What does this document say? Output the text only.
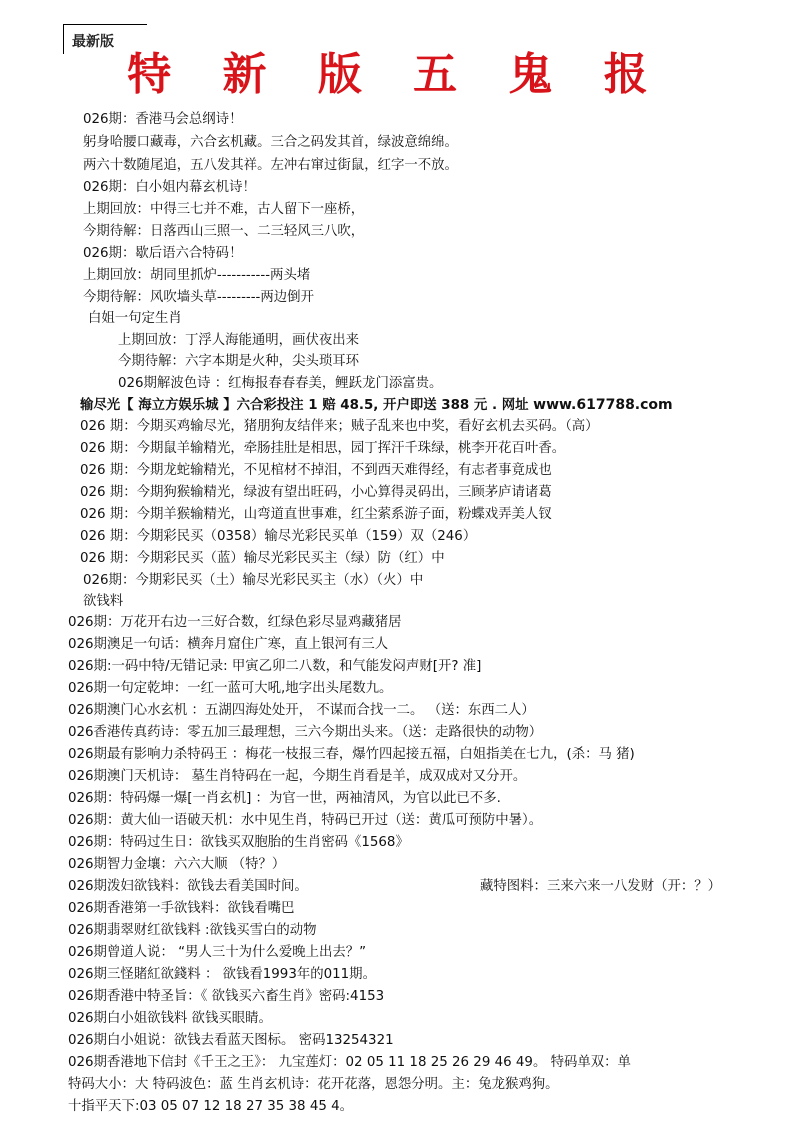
最新版
特 新 版 五 鬼 报
输尽光【 海立方娱乐城 】六合彩投注 1 赔 48.5, 开户即送 388 元 . 网址 www.617788.com
026期：香港马会总纲诗！
躬身哈腰口藏毒，六合玄机藏。三合之码发其首，绿波意绵绵。
两六十数随尾追，五八发其祥。左冲右窜过街鼠，红字一不放。
026期：白小姐内幕玄机诗！
上期回放：中得三七并不难，古人留下一座桥，
今期待解：日落西山三照一、二三轻风三八吹，
026期：歇后语六合特码！
上期回放：胡同里抓炉-----------两头堵
今期待解：风吹墙头草---------两边倒开
白姐一句定生肖
上期回放：丁浮人海能通明，画伏夜出来
今期待解：六字本期是火种，尖头琐耳环
026期解波色诗 ：红梅报春春春美，鲤跃龙门添富贵。
026 期：今期买鸡输尽光，猪朋狗友结伴来；贼子乱来也中奖，看好玄机去买码。（高）
026 期：今期鼠羊输精光，牵肠挂肚是相思，园丁挥汗千珠绿，桃李开花百叶香。
026 期：今期龙蛇输精光，不见棺材不掉泪，不到西天难得经，有志者事竟成也
026 期：今期狗猴输精光，绿波有望出旺码，小心算得灵码出，三顾茅庐请诸葛
026 期：今期羊猴输精光，山弯道直世事难，红尘萦系游子面，粉蝶戏弄美人钗
026 期：今期彩民买（0358）输尽光彩民买单（159）双（246）
026 期：今期彩民买（蓝）输尽光彩民买主（绿）防（红）中
026期：今期彩民买（土）输尽光彩民买主（水）（火）中
欲钱料
026期：万花开右边一三好合数，红绿色彩尽显鸡藏猪居
026期澳足一句话：横奔月窟住广寒，直上银河有三人
026期:一码中特/无错记录: 甲寅乙卯二八数，和气能发闷声财[开? 准]
026期一句定乾坤：一红一蓝可大吼,地字出头尾数九。
026期澳门心水玄机 ：五湖四海处处开， 不谋而合找一二。 （送：东西二人）
026香港传真药诗：零五加三最理想，三六今期出头来。（送：走路很快的动物）
026期最有影响力杀特码王 ：梅花一枝报三春，爆竹四起接五福，白姐指美在七九，(杀：马 猪)
026期澳门天机诗： 墓生肖特码在一起，今期生肖看是羊，成双成对又分开。
026期：特码爆一爆[一肖玄机] ：为官一世，两袖清风，为官以此已不多.
026期：黄大仙一语破天机：水中见生肖，特码已开过（送：黄瓜可预防中暑）。
026期：特码过生日：欲钱买双胞胎的生肖密码《1568》
026期智力金壤：六六大顺 （特？）
026期泼妇欲钱料：欲钱去看美国时间。	藏特图料：三来六来一八发财（开：？）
026期香港第一手欲钱料：欲钱看嘴巴
026期翡翠财红欲钱料 :欲钱买雪白的动物
026期曾道人说： “男人三十为什么爱晚上出去？”
026期三怪賭紅欲錢料 ： 欲钱看1993年的011期。
026期香港中特圣旨：《 欲钱买六畜生肖》密码:4153
026期白小姐欲钱料 欲钱买眼睛。
026期白小姐说：欲钱去看蓝天图标。 密码13254321
026期香港地下信封《千王之王》： 九宝莲灯：02 05 11 18 25 26 29 46 49。 特码单双：单
特码大小：大 特码波色：蓝 生肖玄机诗：花开花落，恩怨分明。主：兔龙猴鸡狗。
十指平天下:03 05 07 12 18 27 35 38 45 4。
